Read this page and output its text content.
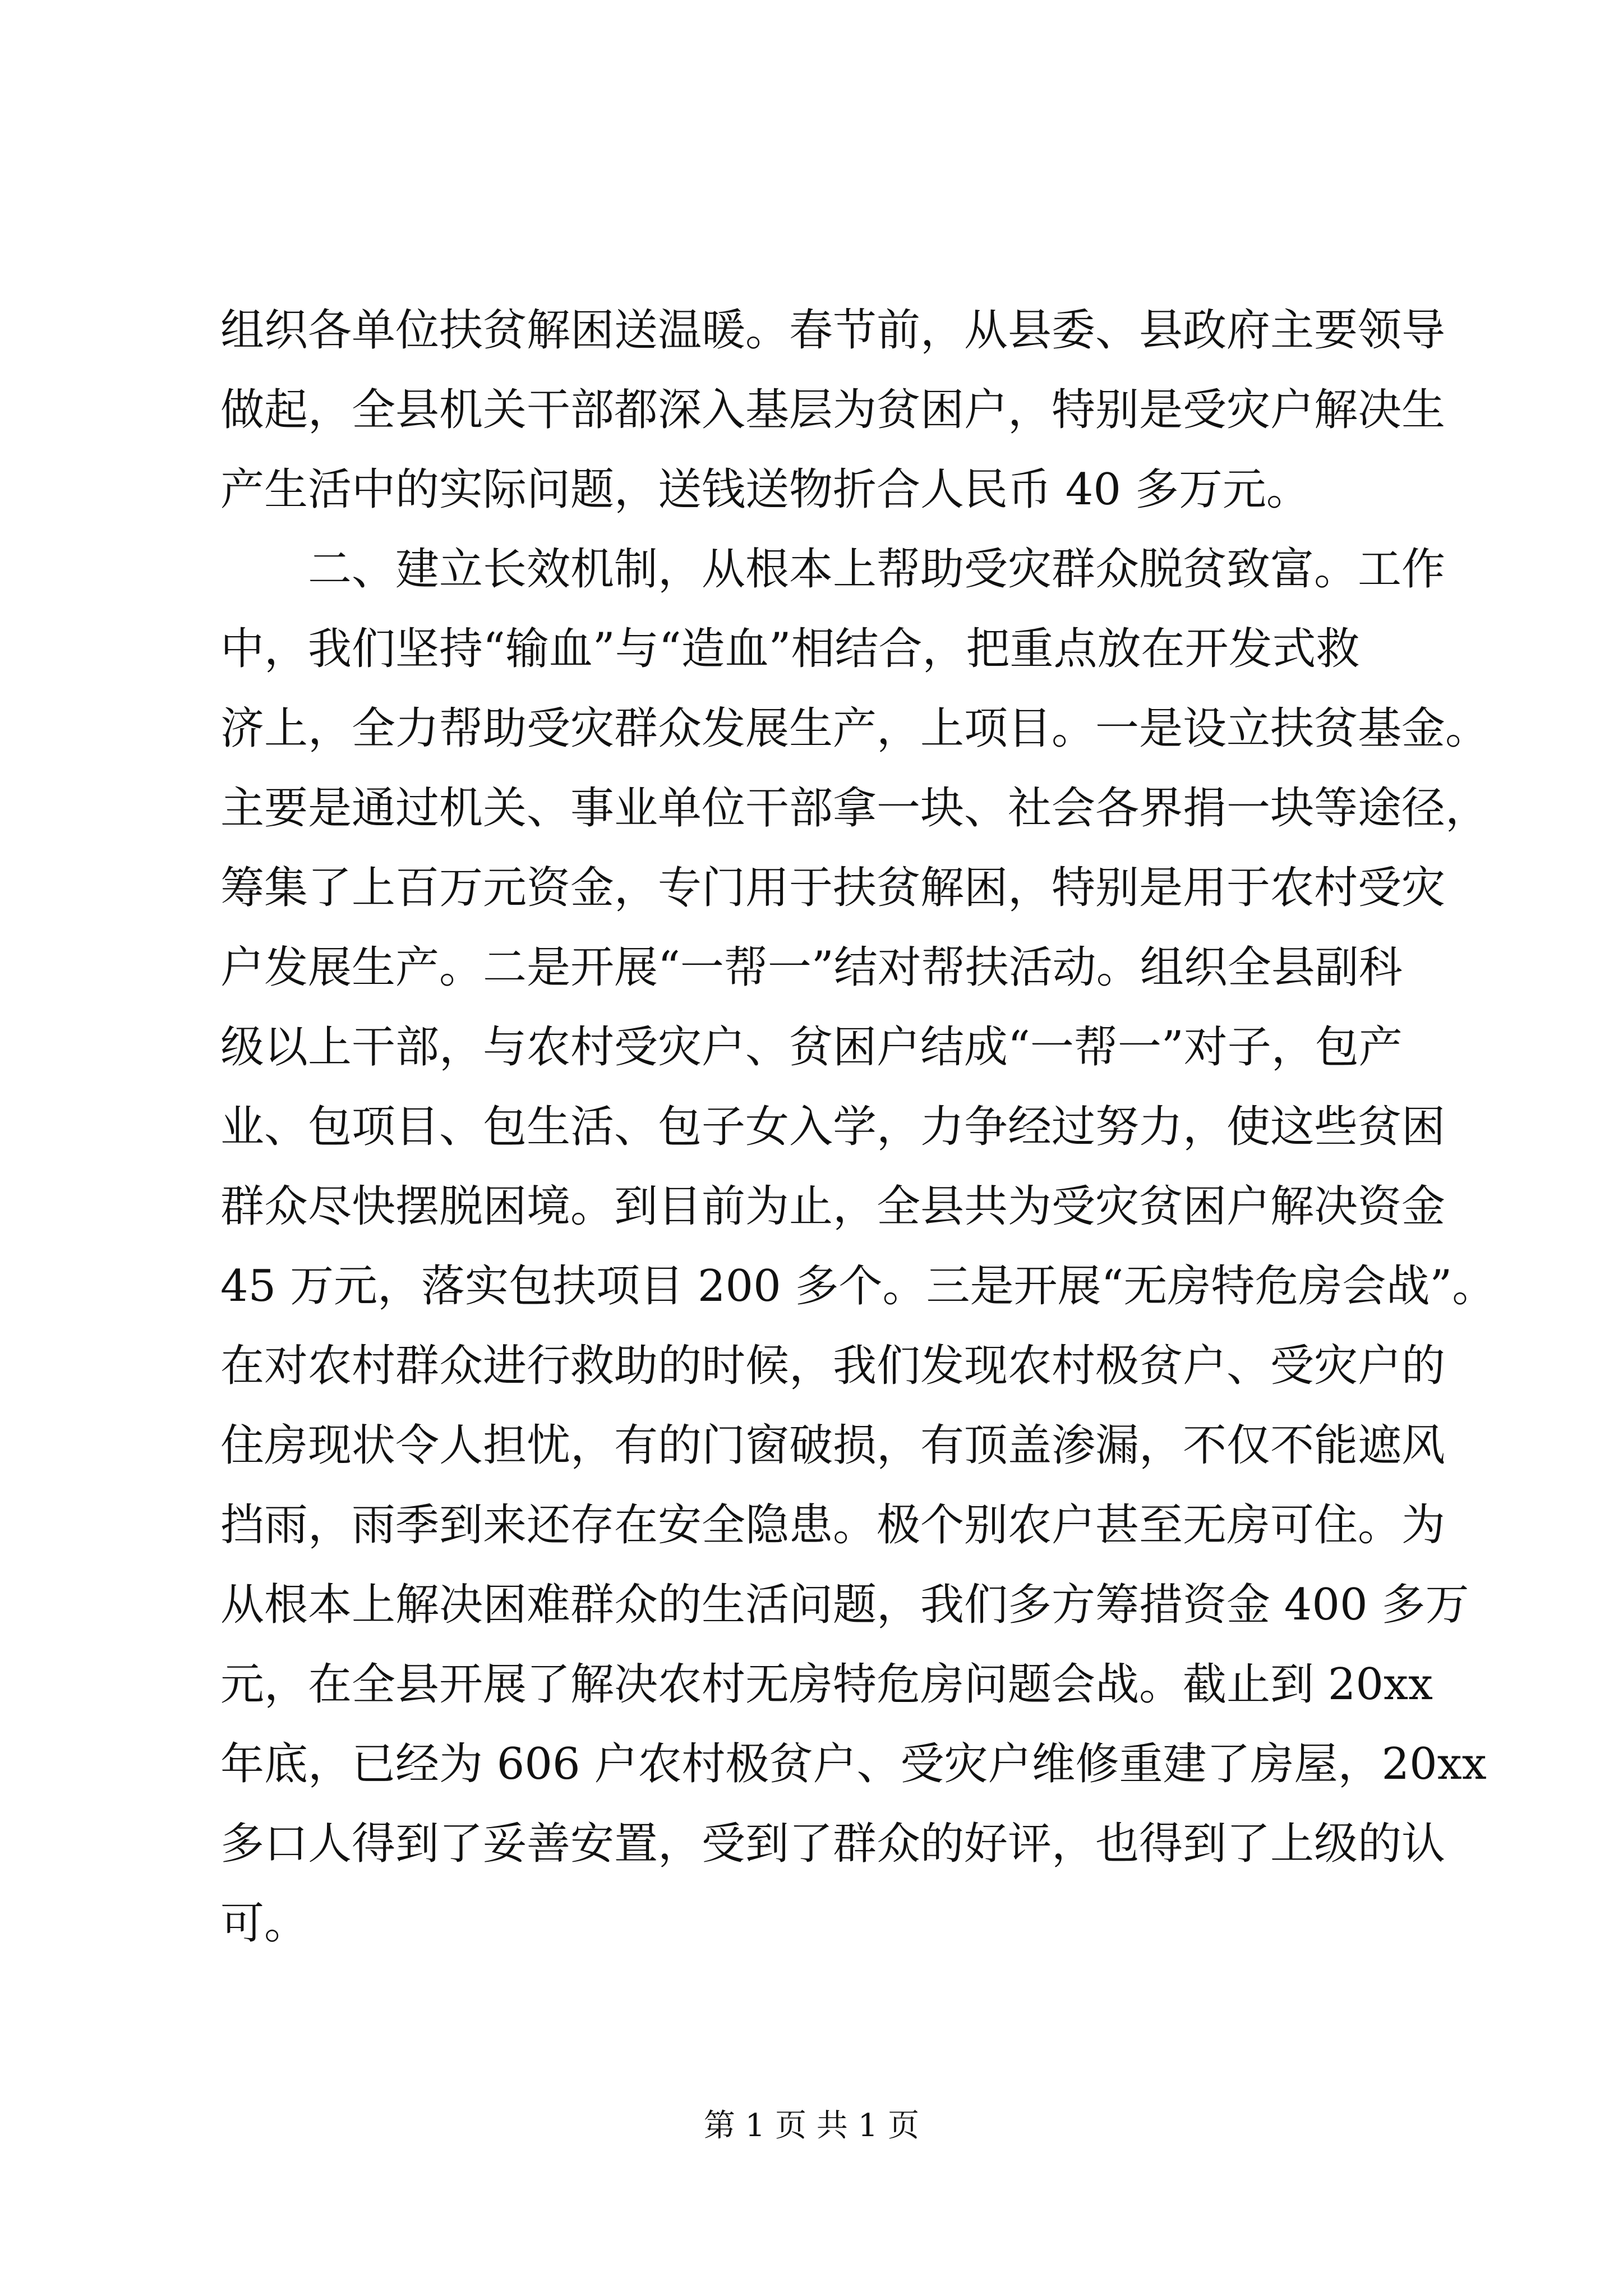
组织各单位扶贫解困送温暖。春节前，从县委、县政府主要领导
做起，全县机关干部都深入基层为贫困户，特别是受灾户解决生
产生活中的实际问题，送钱送物折合人民币 40 多万元。
　　二、建立长效机制，从根本上帮助受灾群众脱贫致富。工作
中，我们坚持“输血”与“造血”相结合，把重点放在开发式救
济上，全力帮助受灾群众发展生产，上项目。一是设立扶贫基金。
主要是通过机关、事业单位干部拿一块、社会各界捐一块等途径，
筹集了上百万元资金，专门用于扶贫解困，特别是用于农村受灾
户发展生产。二是开展“一帮一”结对帮扶活动。组织全县副科
级以上干部，与农村受灾户、贫困户结成“一帮一”对子，包产
业、包项目、包生活、包子女入学，力争经过努力，使这些贫困
群众尽快摆脱困境。到目前为止，全县共为受灾贫困户解决资金
45 万元，落实包扶项目 200 多个。三是开展“无房特危房会战”。
在对农村群众进行救助的时候，我们发现农村极贫户、受灾户的
住房现状令人担忧，有的门窗破损，有顶盖渗漏，不仅不能遮风
挡雨，雨季到来还存在安全隐患。极个别农户甚至无房可住。为
从根本上解决困难群众的生活问题，我们多方筹措资金 400 多万
元，在全县开展了解决农村无房特危房问题会战。截止到 20xx
年底，已经为 606 户农村极贫户、受灾户维修重建了房屋，20xx
多口人得到了妥善安置，受到了群众的好评，也得到了上级的认
可。
第 1 页 共 1 页
